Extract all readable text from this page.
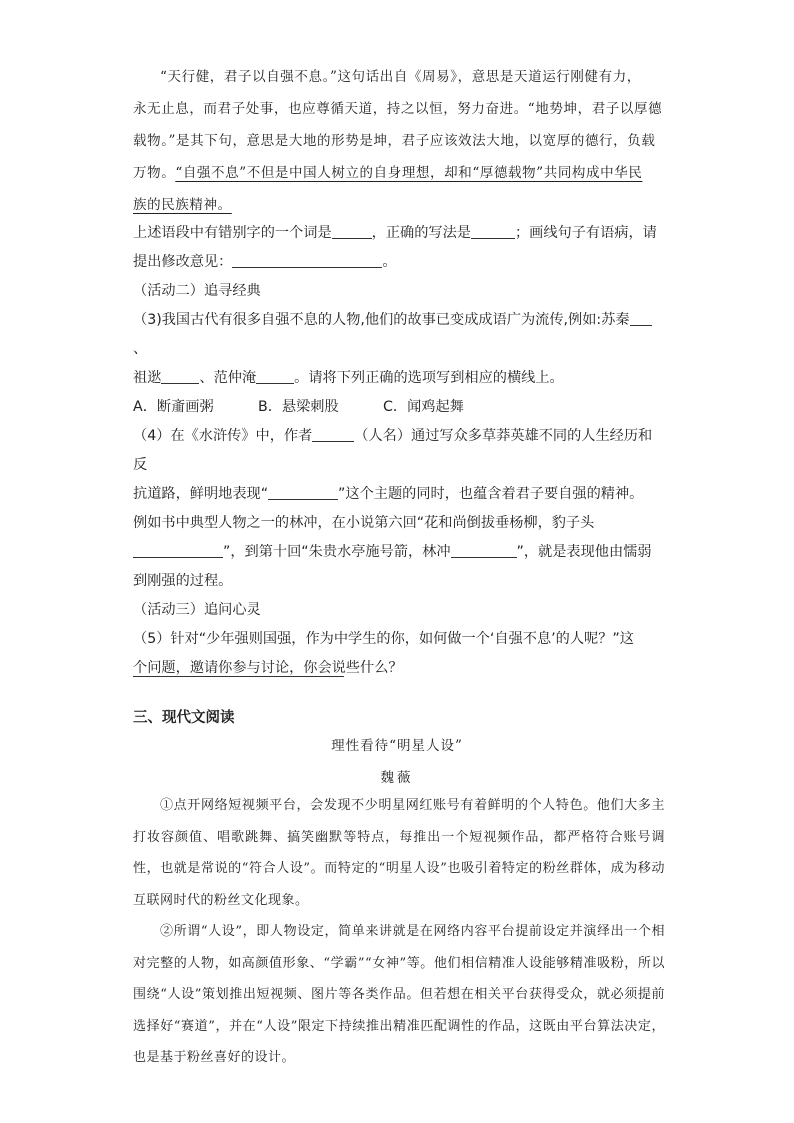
“天行健，君子以自强不息。”这句话出自《周易》，意思是天道运行刚健有力，

永无止息，而君子处事，也应尊循天道，持之以恒，努力奋进。“地势坤，君子以厚德

载物。”是其下句，意思是大地的形势是坤，君子应该效法大地，以宽厚的德行，负载

万物。“自强不息”不但是中国人树立的自身理想，却和“厚德载物”共同构成中华民

族的民族精神。

上述语段中有错别字的一个词是	，正确的写法是	；画线句子有语病，请

提出修改意见：	。

（活动二）追寻经典

（3)我国古代有很多自强不息的人物,他们的故事已变成成语广为流传,例如:苏秦、

祖逖	、范仲淹	。请将下列正确的选项写到相应的横线上。

A．断齑画粥	B．悬梁刺股	C．闻鸡起舞

（4）在《水浒传》中，作者	（人名）通过写众多草莽英雄不同的人生经历和反

抗道路，鲜明地表现“	”这个主题的同时，也蕴含着君子要自强的精神。

例如书中典型人物之一的林冲，在小说第六回“花和尚倒拔垂杨柳，豹子头

”，到第十回“朱贵水亭施号箭，林冲	”，就是表现他由懦弱

到刚强的过程。

（活动三）追问心灵

（5）针对“少年强则国强，作为中学生的你，如何做一个‘自强不息’的人呢？”这

个问题，邀请你参与讨论，你会说些什么？

三、现代文阅读
理性看待“明星人设”
魏薇

①点开网络短视频平台，会发现不少明星网红账号有着鲜明的个人特色。他们大多主打妆容颜值、唱歌跳舞、搞笑幽默等特点，每推出一个短视频作品，都严格符合账号调性，也就是常说的“符合人设”。而特定的“明星人设”也吸引着特定的粉丝群体，成为移动互联网时代的粉丝文化现象。

②所谓“人设”，即人物设定，简单来讲就是在网络内容平台提前设定并演绎出一个相对完整的人物，如高颜值形象、“学霸”“女神”等。他们相信精准人设能够精准吸粉，所以围绕“人设”策划推出短视频、图片等各类作品。但若想在相关平台获得受众，就必须提前选择好“赛道”，并在“人设”限定下持续推出精准匹配调性的作品，这既由平台算法决定，也是基于粉丝喜好的设计。
